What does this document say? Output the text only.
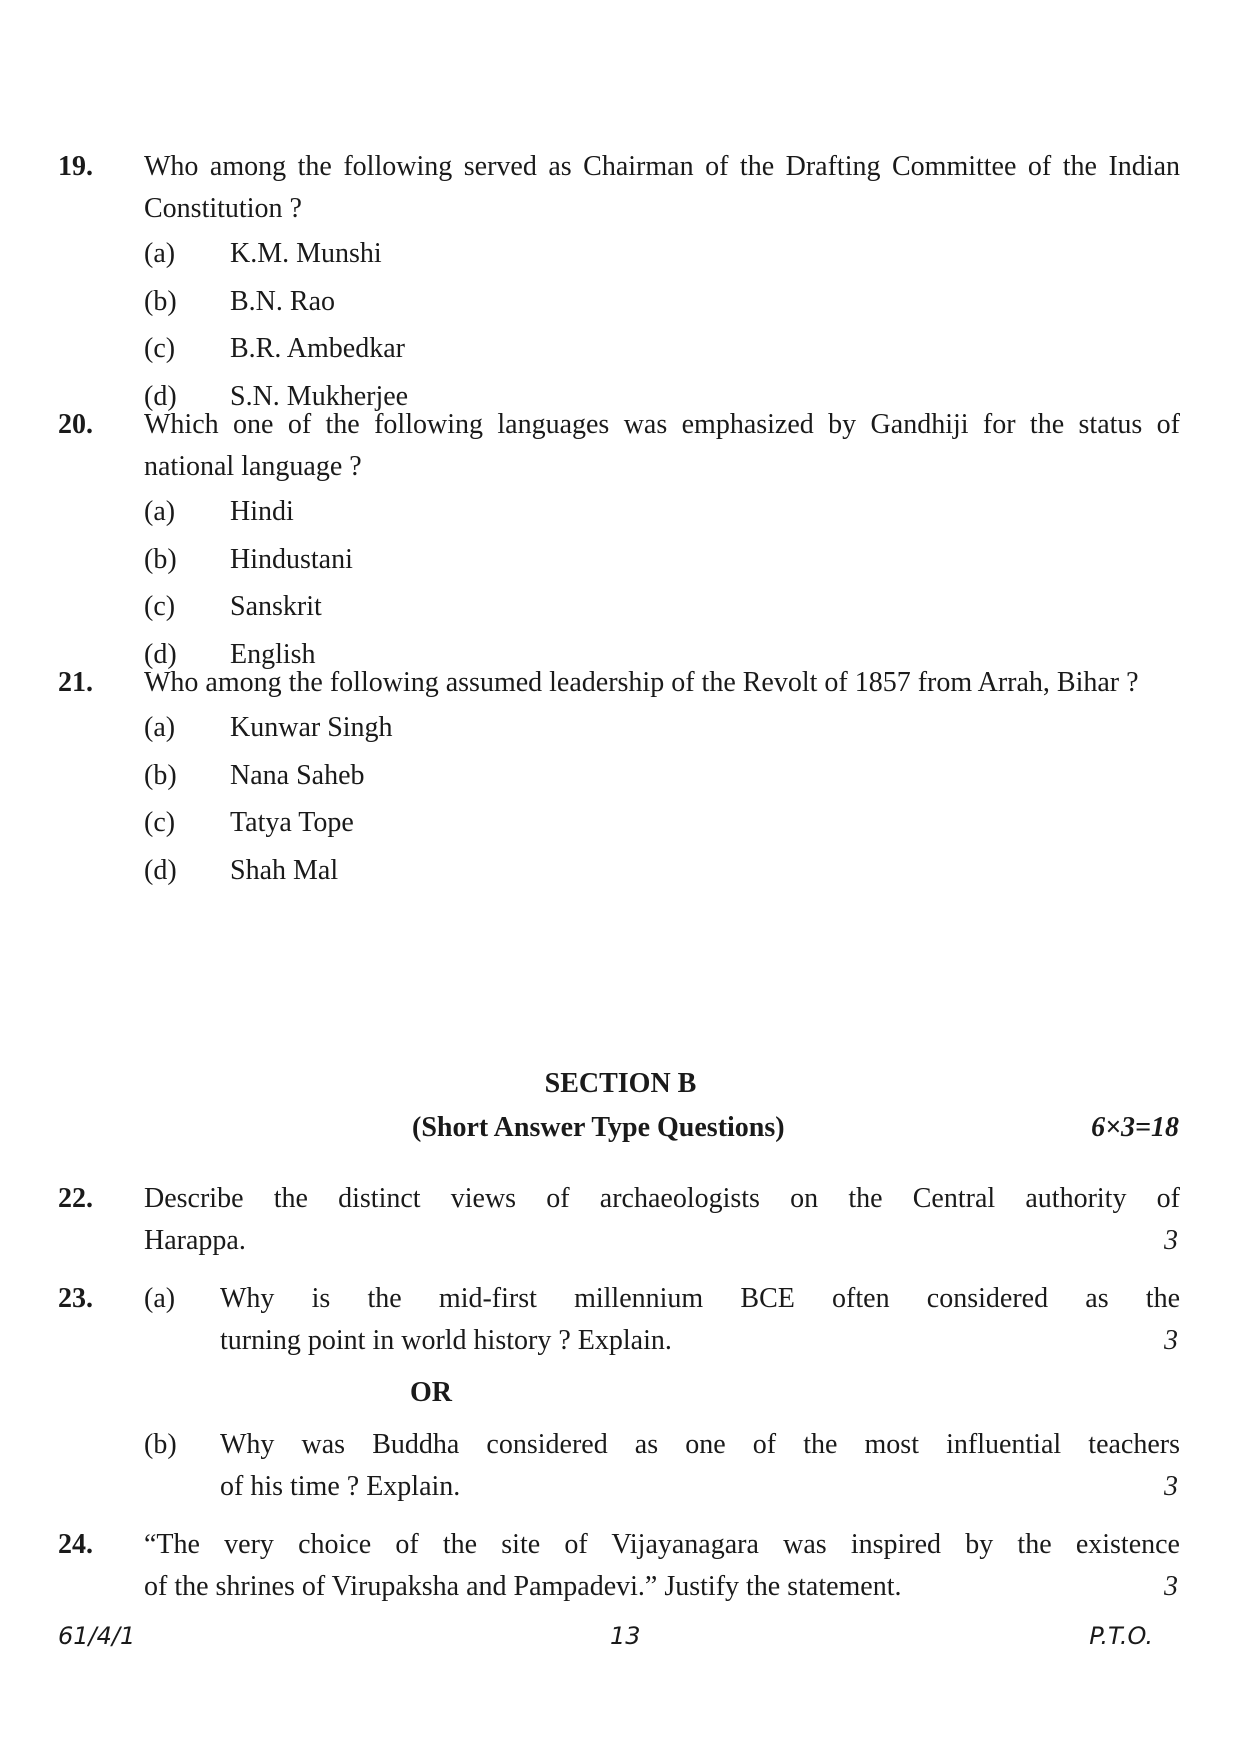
19. Who among the following served as Chairman of the Drafting Committee of the Indian Constitution ?
(a)	K.M. Munshi
(b)	B.N. Rao
(c)	B.R. Ambedkar
(d)	S.N. Mukherjee
20. Which one of the following languages was emphasized by Gandhiji for the status of national language ?
(a)	Hindi
(b)	Hindustani
(c)	Sanskrit
(d)	English
21. Who among the following assumed leadership of the Revolt of 1857 from Arrah, Bihar ?
(a)	Kunwar Singh
(b)	Nana Saheb
(c)	Tatya Tope
(d)	Shah Mal
SECTION B
(Short Answer Type Questions)	6×3=18
22. Describe the distinct views of archaeologists on the Central authority of
Harappa.	3
23. (a) Why is the mid-first millennium BCE often considered as the
turning point in world history ? Explain.	3
OR
(b) Why was Buddha considered as one of the most influential teachers
of his time ? Explain.	3
24. “The very choice of the site of Vijayanagara was inspired by the existence
of the shrines of Virupaksha and Pampadevi.” Justify the statement.	3
61/4/1	13	P.T.O.
